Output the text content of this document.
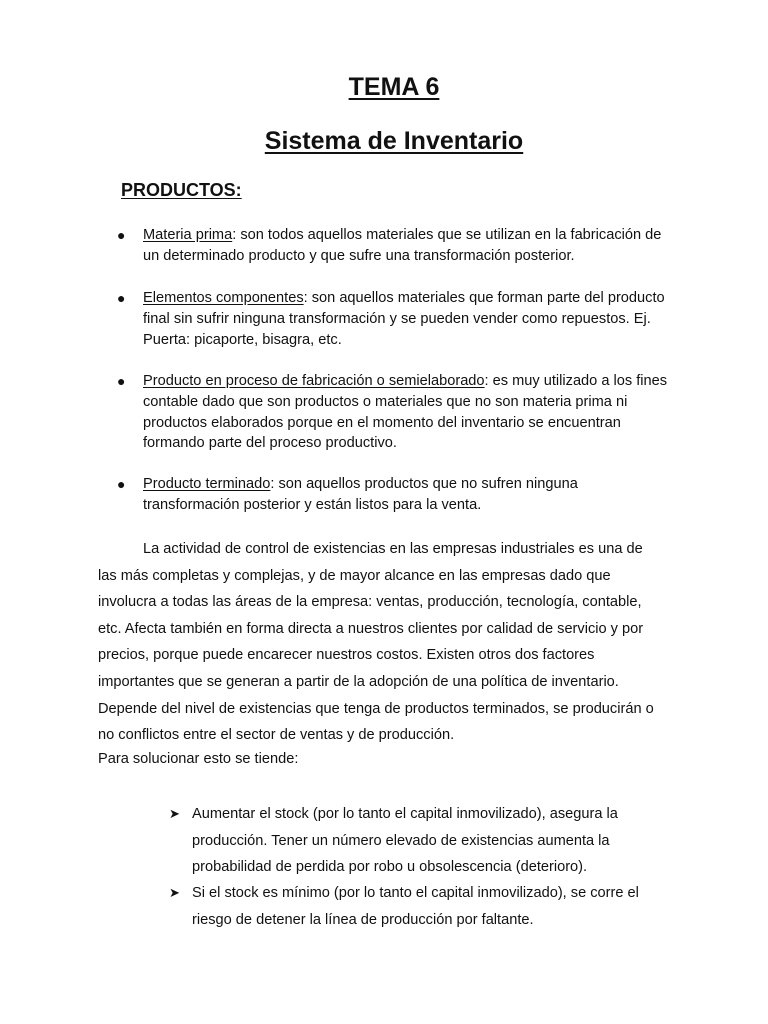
TEMA 6
Sistema de Inventario
PRODUCTOS:
● Materia prima: son todos aquellos materiales que se utilizan en la fabricación de un determinado producto y que sufre una transformación posterior.
● Elementos componentes: son aquellos materiales que forman parte del producto final sin sufrir ninguna transformación y se pueden vender como repuestos. Ej. Puerta: picaporte, bisagra, etc.
● Producto en proceso de fabricación o semielaborado: es muy utilizado a los fines contable dado que son productos o materiales que no son materia prima ni productos elaborados porque en el momento del inventario se encuentran formando parte del proceso productivo.
● Producto terminado: son aquellos productos que no sufren ninguna transformación posterior y están listos para la venta.

La actividad de control de existencias en las empresas industriales es una de las más completas y complejas, y de mayor alcance en las empresas dado que involucra a todas las áreas de la empresa: ventas, producción, tecnología, contable, etc. Afecta también en forma directa a nuestros clientes por calidad de servicio y por precios, porque puede encarecer nuestros costos. Existen otros dos factores importantes que se generan a partir de la adopción de una política de inventario. Depende del nivel de existencias que tenga de productos terminados, se producirán o no conflictos entre el sector de ventas y de producción.

Para solucionar esto se tiende:

➤ Aumentar el stock (por lo tanto el capital inmovilizado), asegura la producción. Tener un número elevado de existencias aumenta la probabilidad de perdida por robo u obsolescencia (deterioro).
➤ Si el stock es mínimo (por lo tanto el capital inmovilizado), se corre el riesgo de detener la línea de producción por faltante.
